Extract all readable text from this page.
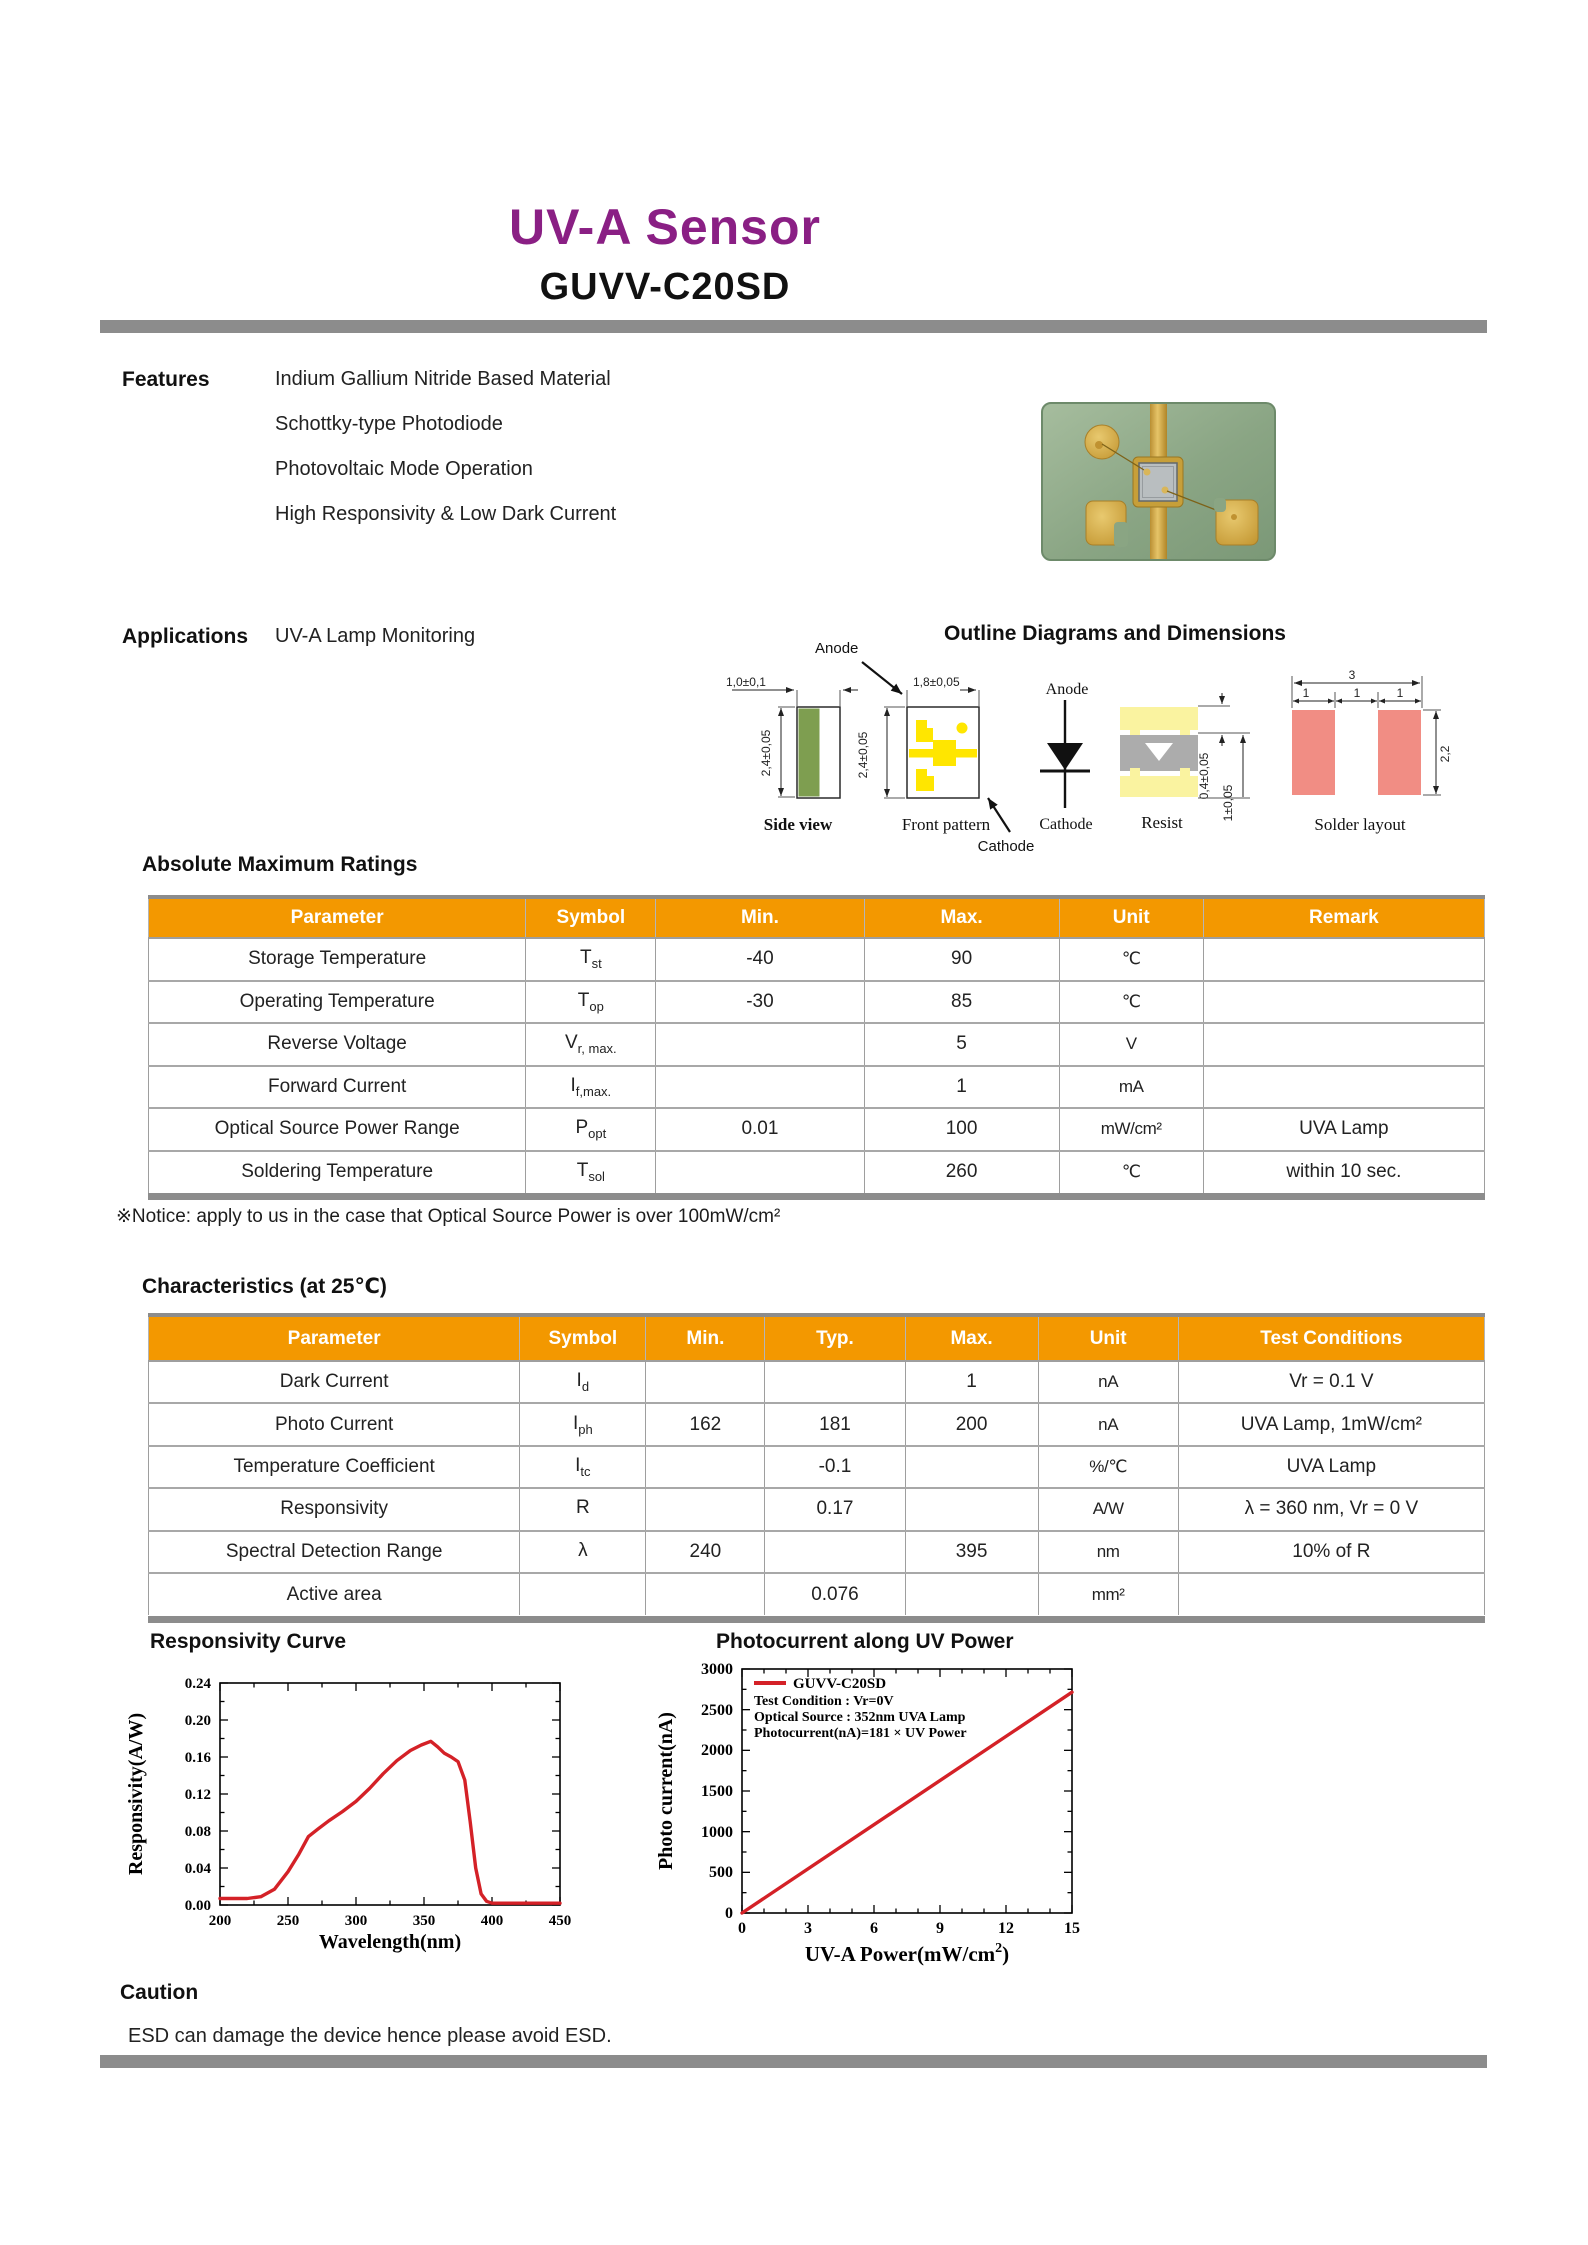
UV-A Sensor
GUVV-C20SD
Features	Indium Gallium Nitride Based Material
Schottky-type Photodiode
Photovoltaic Mode Operation
High Responsivity & Low Dark Current
Applications UV-A Lamp Monitoring	Outline Diagrams and Dimensions
Anode
1,0±0,1
2,4±0,05
Side view
1,8±0,05
2,4±0,05
Front pattern
Cathode
Anode
Cathode
0,4±0,05
1±0,05
Resist
3
1	1	1
2,2
Solder layout
Absolute Maximum Ratings
Parameter	Symbol	Min.	Max.	Unit	Remark
Storage Temperature	$T_{st}$	-40	90	℃	
Operating Temperature	$T_{op}$	-30	85	℃	
Reverse Voltage	$V_{r, max.}$		5	V	
Forward Current	$I_{f,max.}$		1	mA	
Optical Source Power Range	$P_{opt}$	0.01	100	mW/cm²	UVA Lamp
Soldering Temperature	$T_{sol}$		260	℃	within 10 sec.
※Notice: apply to us in the case that Optical Source Power is over 100mW/cm²
Characteristics (at 25℃)
Parameter	Symbol	Min.	Typ.	Max.	Unit	Test Conditions
Dark Current	$I_d$			1	nA	Vr = 0.1 V
Photo Current	$I_{ph}$	162	181	200	nA	UVA Lamp, 1mW/cm²
Temperature Coefficient	$I_{tc}$		-0.1		%/℃	UVA Lamp
Responsivity	R		0.17		A/W	λ = 360 nm, Vr = 0 V
Spectral Detection Range	λ	240		395	nm	10% of R
Active area			0.076		mm²	
Responsivity Curve	Photocurrent along UV Power
0.00
0.04
0.08
0.12
0.16
0.20
0.24
200	250	300	350	400	450
Wavelength(nm)
Responsivity(A/W)
GUVV-C20SD
Test Condition : Vr=0V
Optical Source : 352nm UVA Lamp
Photocurrent(nA)=181 × UV Power
0
500
1000
1500
2000
2500
3000
0	3	6	9	12	15
UV-A $Power(mW/cm^2)$
Photo current(nA)
Caution
ESD can damage the device hence please avoid ESD.
